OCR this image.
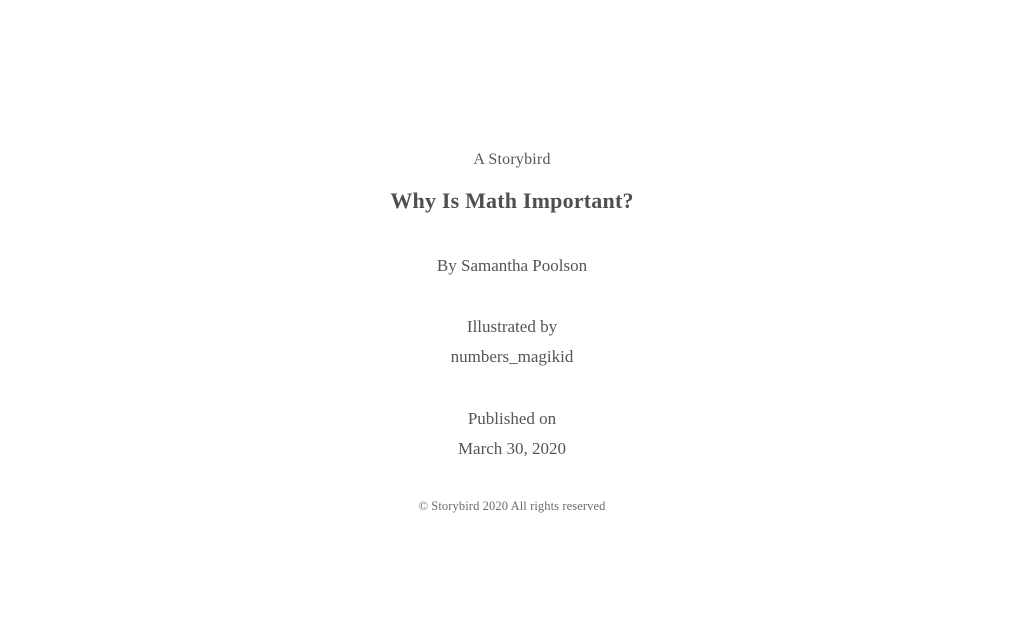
A Storybird
Why Is Math Important?
By Samantha Poolson
Illustrated by
numbers_magikid
Published on
March 30, 2020
© Storybird 2020 All rights reserved
